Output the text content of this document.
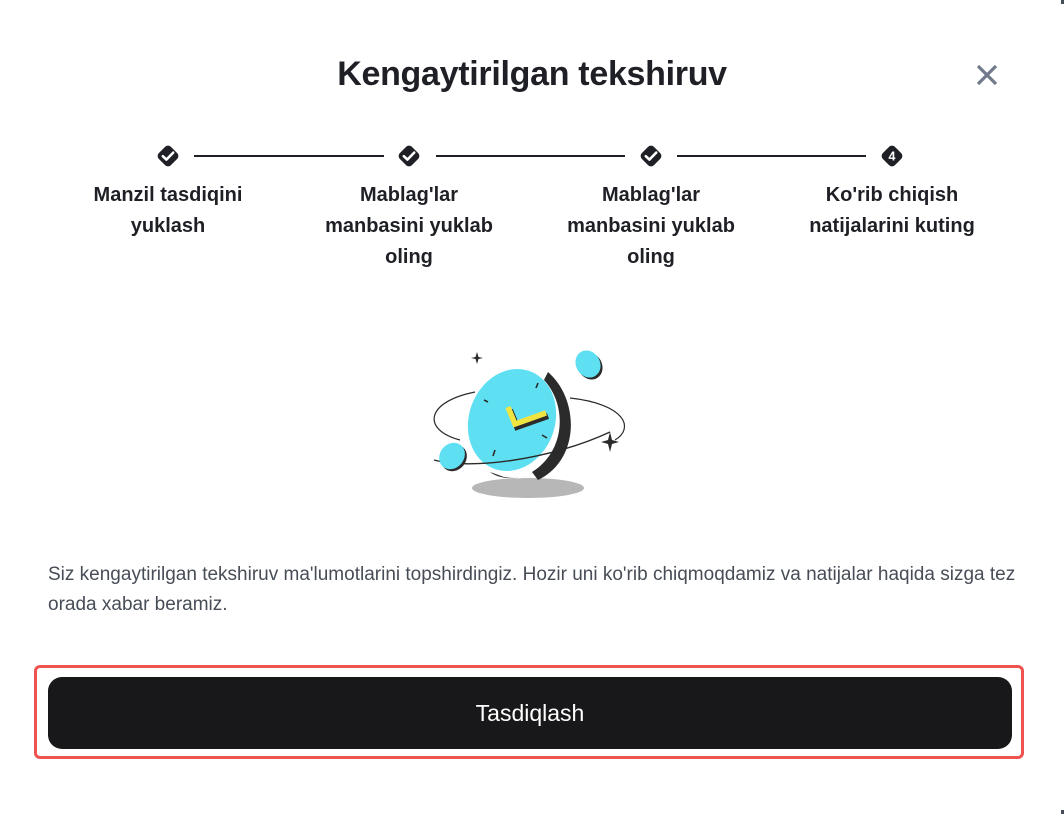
Kengaytirilgan tekshiruv
Manzil tasdiqini yuklash
Mablag'lar manbasini yuklab oling
Mablag'lar manbasini yuklab oling
4
Ko'rib chiqish natijalarini kuting
Siz kengaytirilgan tekshiruv ma'lumotlarini topshirdingiz. Hozir uni ko'rib chiqmoqdamiz va natijalar haqida sizga tez orada xabar beramiz.
Tasdiqlash
